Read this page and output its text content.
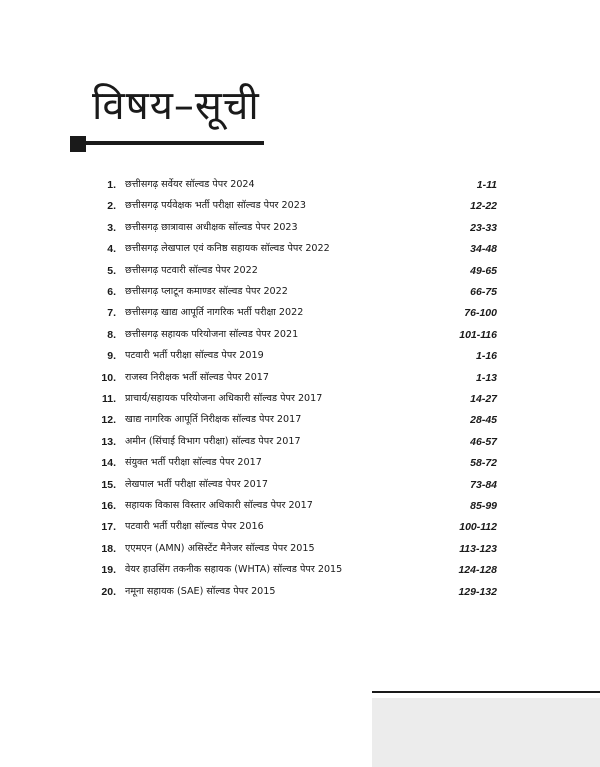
विषय–सूची
1. छत्तीसगढ़ सर्वेयर सॉल्वड पेपर 2024	1-11
2. छत्तीसगढ़ पर्यवेक्षक भर्ती परीक्षा सॉल्वड पेपर 2023	12-22
3. छत्तीसगढ़ छात्रावास अधीक्षक सॉल्वड पेपर 2023	23-33
4. छत्तीसगढ़ लेखपाल एवं कनिष्ठ सहायक सॉल्वड पेपर 2022	34-48
5. छत्तीसगढ़ पटवारी सॉल्वड पेपर 2022	49-65
6. छत्तीसगढ़ प्लाटून कमाण्डर सॉल्वड पेपर 2022	66-75
7. छत्तीसगढ़ खाद्य आपूर्ति नागरिक भर्ती परीक्षा 2022	76-100
8. छत्तीसगढ़ सहायक परियोजना सॉल्वड पेपर 2021	101-116
9. पटवारी भर्ती परीक्षा सॉल्वड पेपर 2019	1-16
10. राजस्व निरीक्षक भर्ती सॉल्वड पेपर 2017	1-13
11. प्राचार्य/सहायक परियोजना अधिकारी सॉल्वड पेपर 2017	14-27
12. खाद्य नागरिक आपूर्ति निरीक्षक सॉल्वड पेपर 2017	28-45
13. अमीन (सिंचाई विभाग परीक्षा) सॉल्वड पेपर 2017	46-57
14. संयुक्त भर्ती परीक्षा सॉल्वड पेपर 2017	58-72
15. लेखपाल भर्ती परीक्षा सॉल्वड पेपर 2017	73-84
16. सहायक विकास विस्तार अधिकारी सॉल्वड पेपर 2017	85-99
17. पटवारी भर्ती परीक्षा सॉल्वड पेपर 2016	100-112
18. एएमएन (AMN) असिस्टेंट मैनेजर सॉल्वड पेपर 2015	113-123
19. वेयर हाउसिंग तकनीक सहायक (WHTA) सॉल्वड पेपर 2015	124-128
20. नमूना सहायक (SAE) सॉल्वड पेपर 2015	129-132
